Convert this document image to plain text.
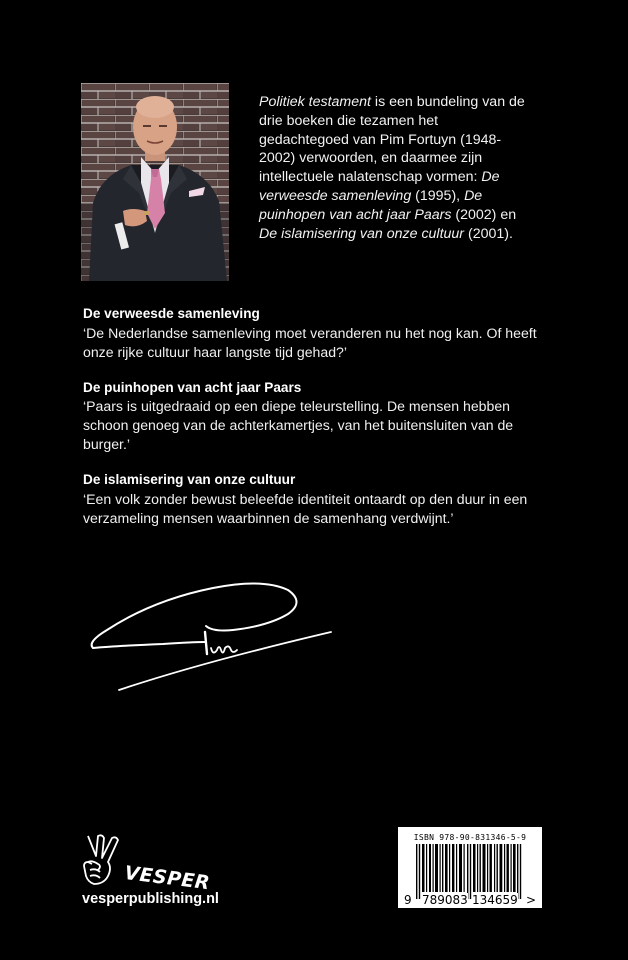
Politiek testament is een bundeling van de drie boeken die tezamen het gedachtegoed van Pim Fortuyn (1948-2002) verwoorden, en daarmee zijn intellectuele nalatenschap vormen: De verweesde samenleving (1995), De puinhopen van acht jaar Paars (2002) en De islamisering van onze cultuur (2001).
De verweesde samenleving

‘De Nederlandse samenleving moet veranderen nu het nog kan. Of heeft onze rijke cultuur haar langste tijd gehad?’

De puinhopen van acht jaar Paars

‘Paars is uitgedraaid op een diepe teleurstelling. De mensen hebben schoon genoeg van de achterkamertjes, van het buitensluiten van de burger.’

De islamisering van onze cultuur

‘Een volk zonder bewust beleefde identiteit ontaardt op den duur in een verzameling mensen waarbinnen de samenhang verdwijnt.’

VESPER
vesperpublishing.nl
ISBN 978-90-831346-5-9
9 789083 134659 >
